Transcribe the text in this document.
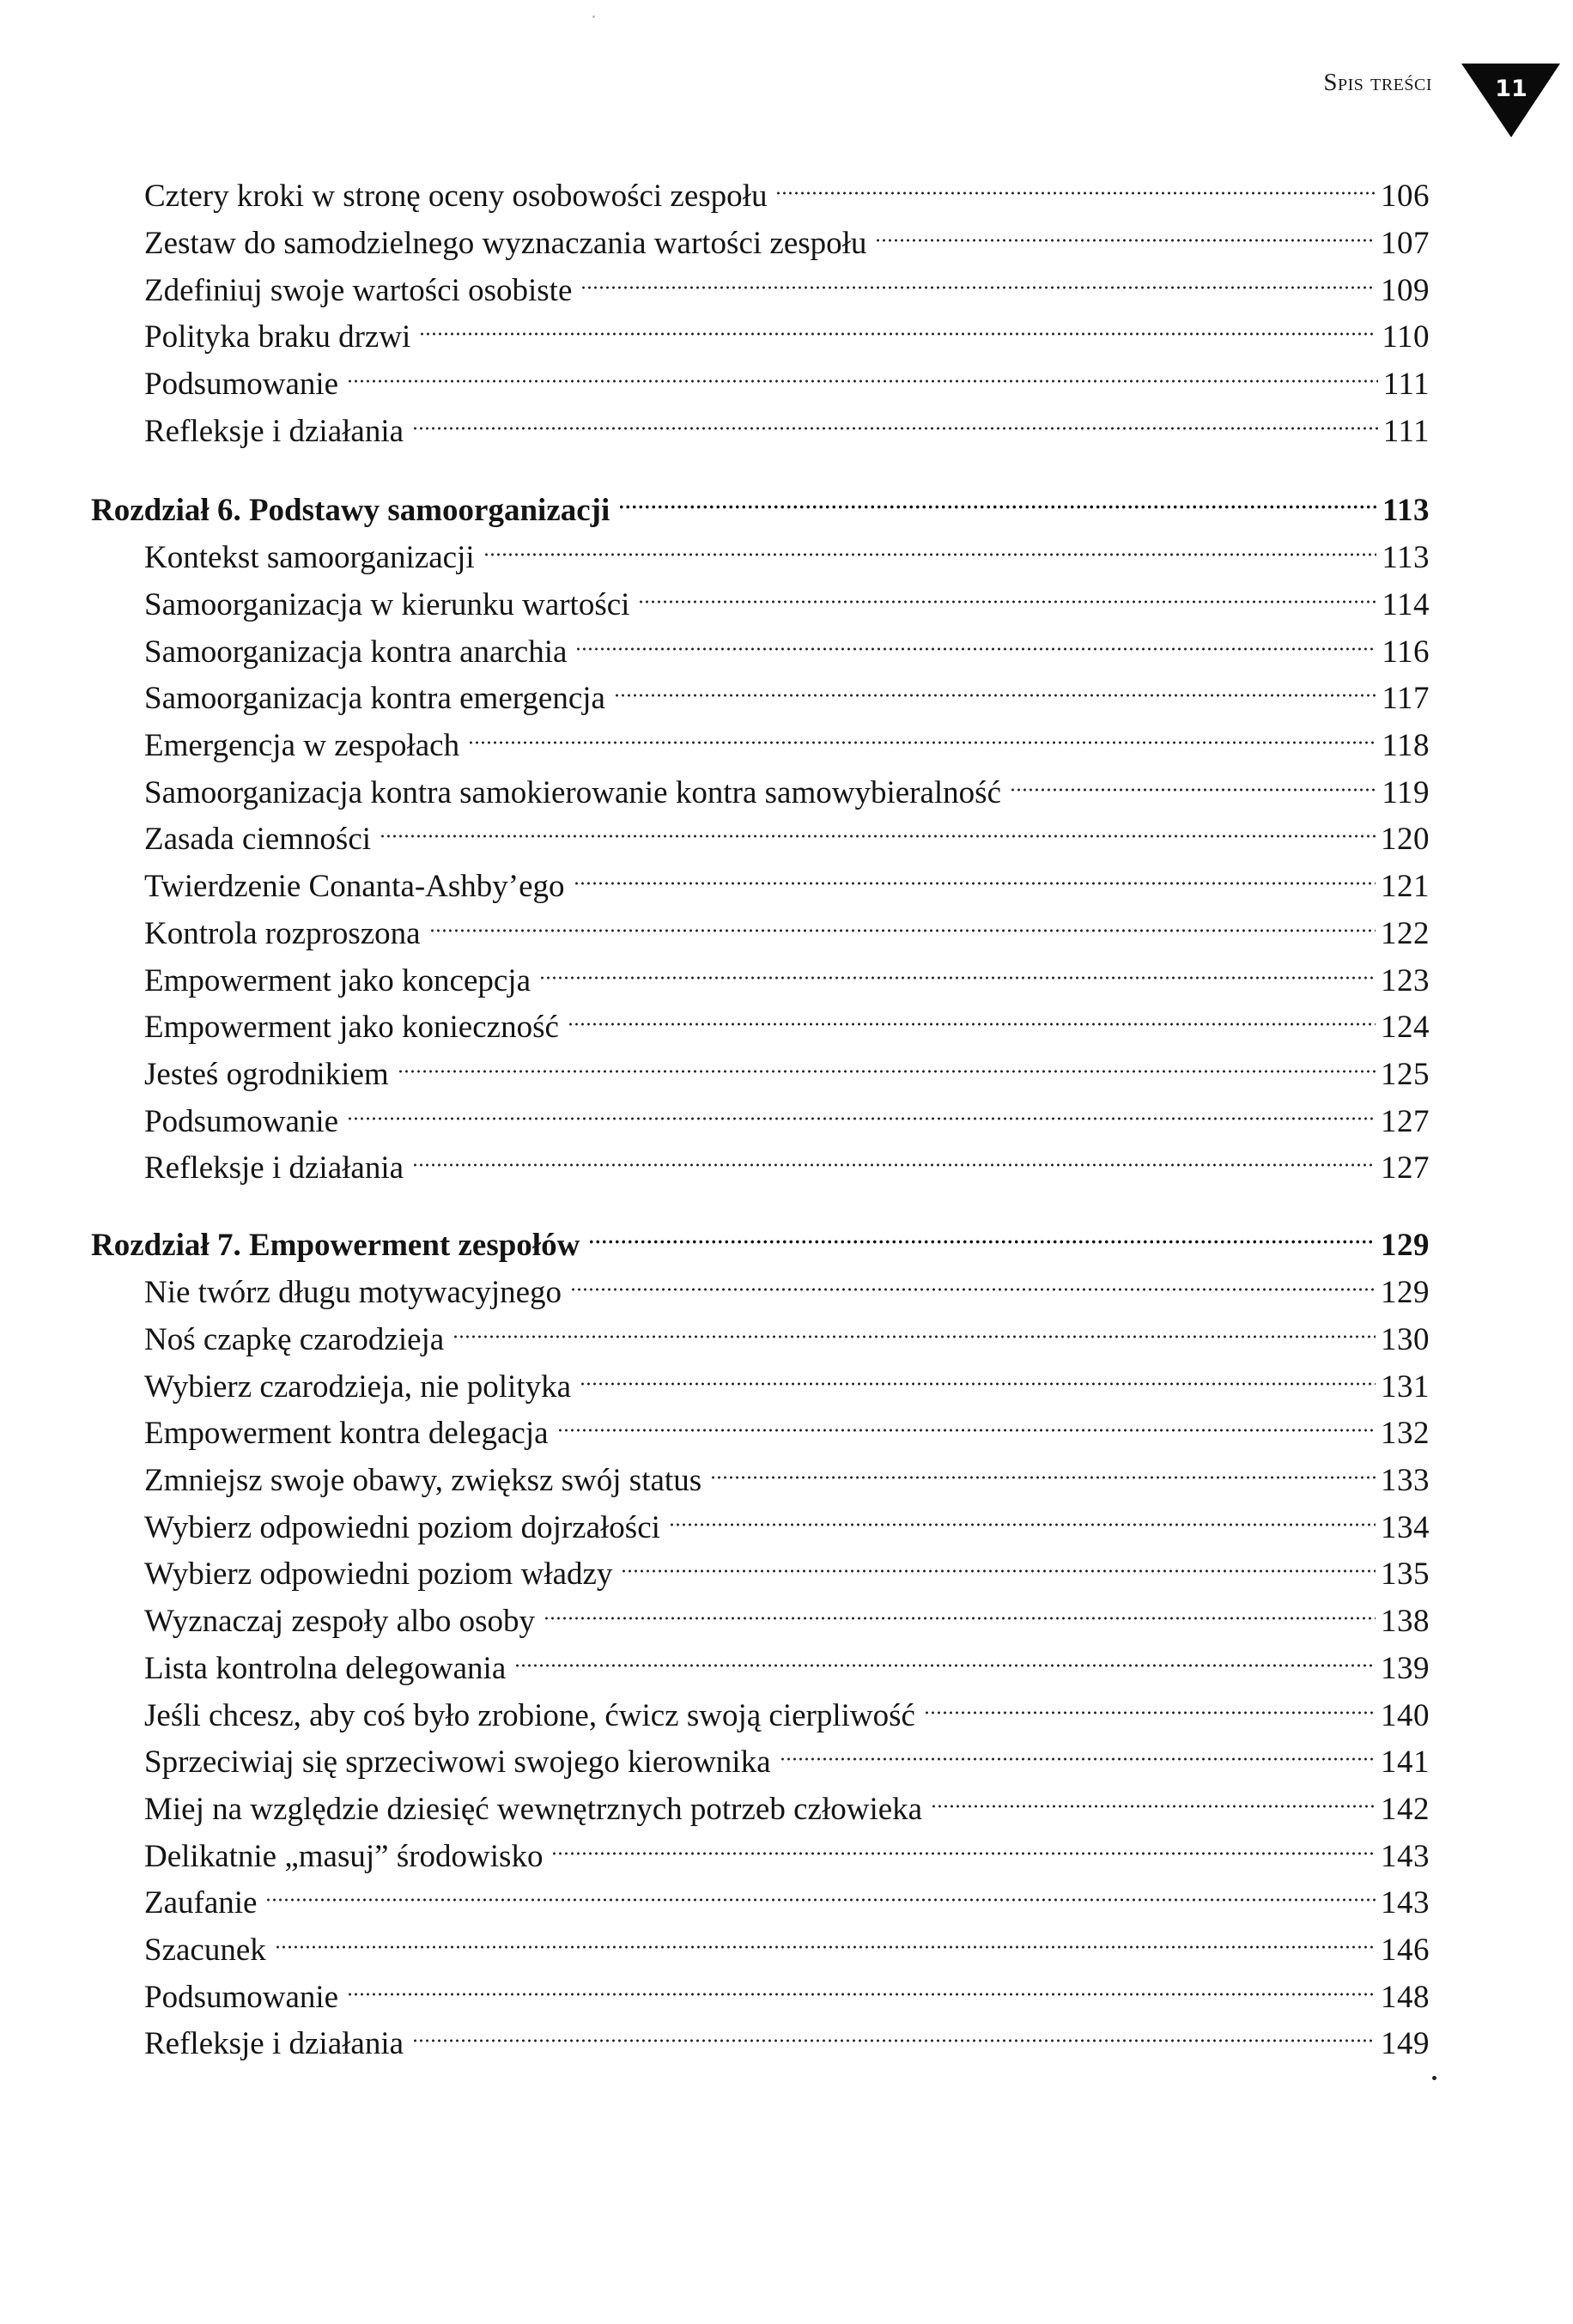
Spis treści	11
Cztery kroki w stronę oceny osobowości zespołu	106
Zestaw do samodzielnego wyznaczania wartości zespołu	107
Zdefiniuj swoje wartości osobiste	109
Polityka braku drzwi	110
Podsumowanie	111
Refleksje i działania	111
Rozdział 6. Podstawy samoorganizacji	113
Kontekst samoorganizacji	113
Samoorganizacja w kierunku wartości	114
Samoorganizacja kontra anarchia	116
Samoorganizacja kontra emergencja	117
Emergencja w zespołach	118
Samoorganizacja kontra samokierowanie kontra samowybieralność	119
Zasada ciemności	120
Twierdzenie Conanta-Ashby’ego	121
Kontrola rozproszona	122
Empowerment jako koncepcja	123
Empowerment jako konieczność	124
Jesteś ogrodnikiem	125
Podsumowanie	127
Refleksje i działania	127
Rozdział 7. Empowerment zespołów	129
Nie twórz długu motywacyjnego	129
Noś czapkę czarodzieja	130
Wybierz czarodzieja, nie polityka	131
Empowerment kontra delegacja	132
Zmniejsz swoje obawy, zwiększ swój status	133
Wybierz odpowiedni poziom dojrzałości	134
Wybierz odpowiedni poziom władzy	135
Wyznaczaj zespoły albo osoby	138
Lista kontrolna delegowania	139
Jeśli chcesz, aby coś było zrobione, ćwicz swoją cierpliwość	140
Sprzeciwiaj się sprzeciwowi swojego kierownika	141
Miej na względzie dziesięć wewnętrznych potrzeb człowieka	142
Delikatnie „masuj” środowisko	143
Zaufanie	143
Szacunek	146
Podsumowanie	148
Refleksje i działania	149
